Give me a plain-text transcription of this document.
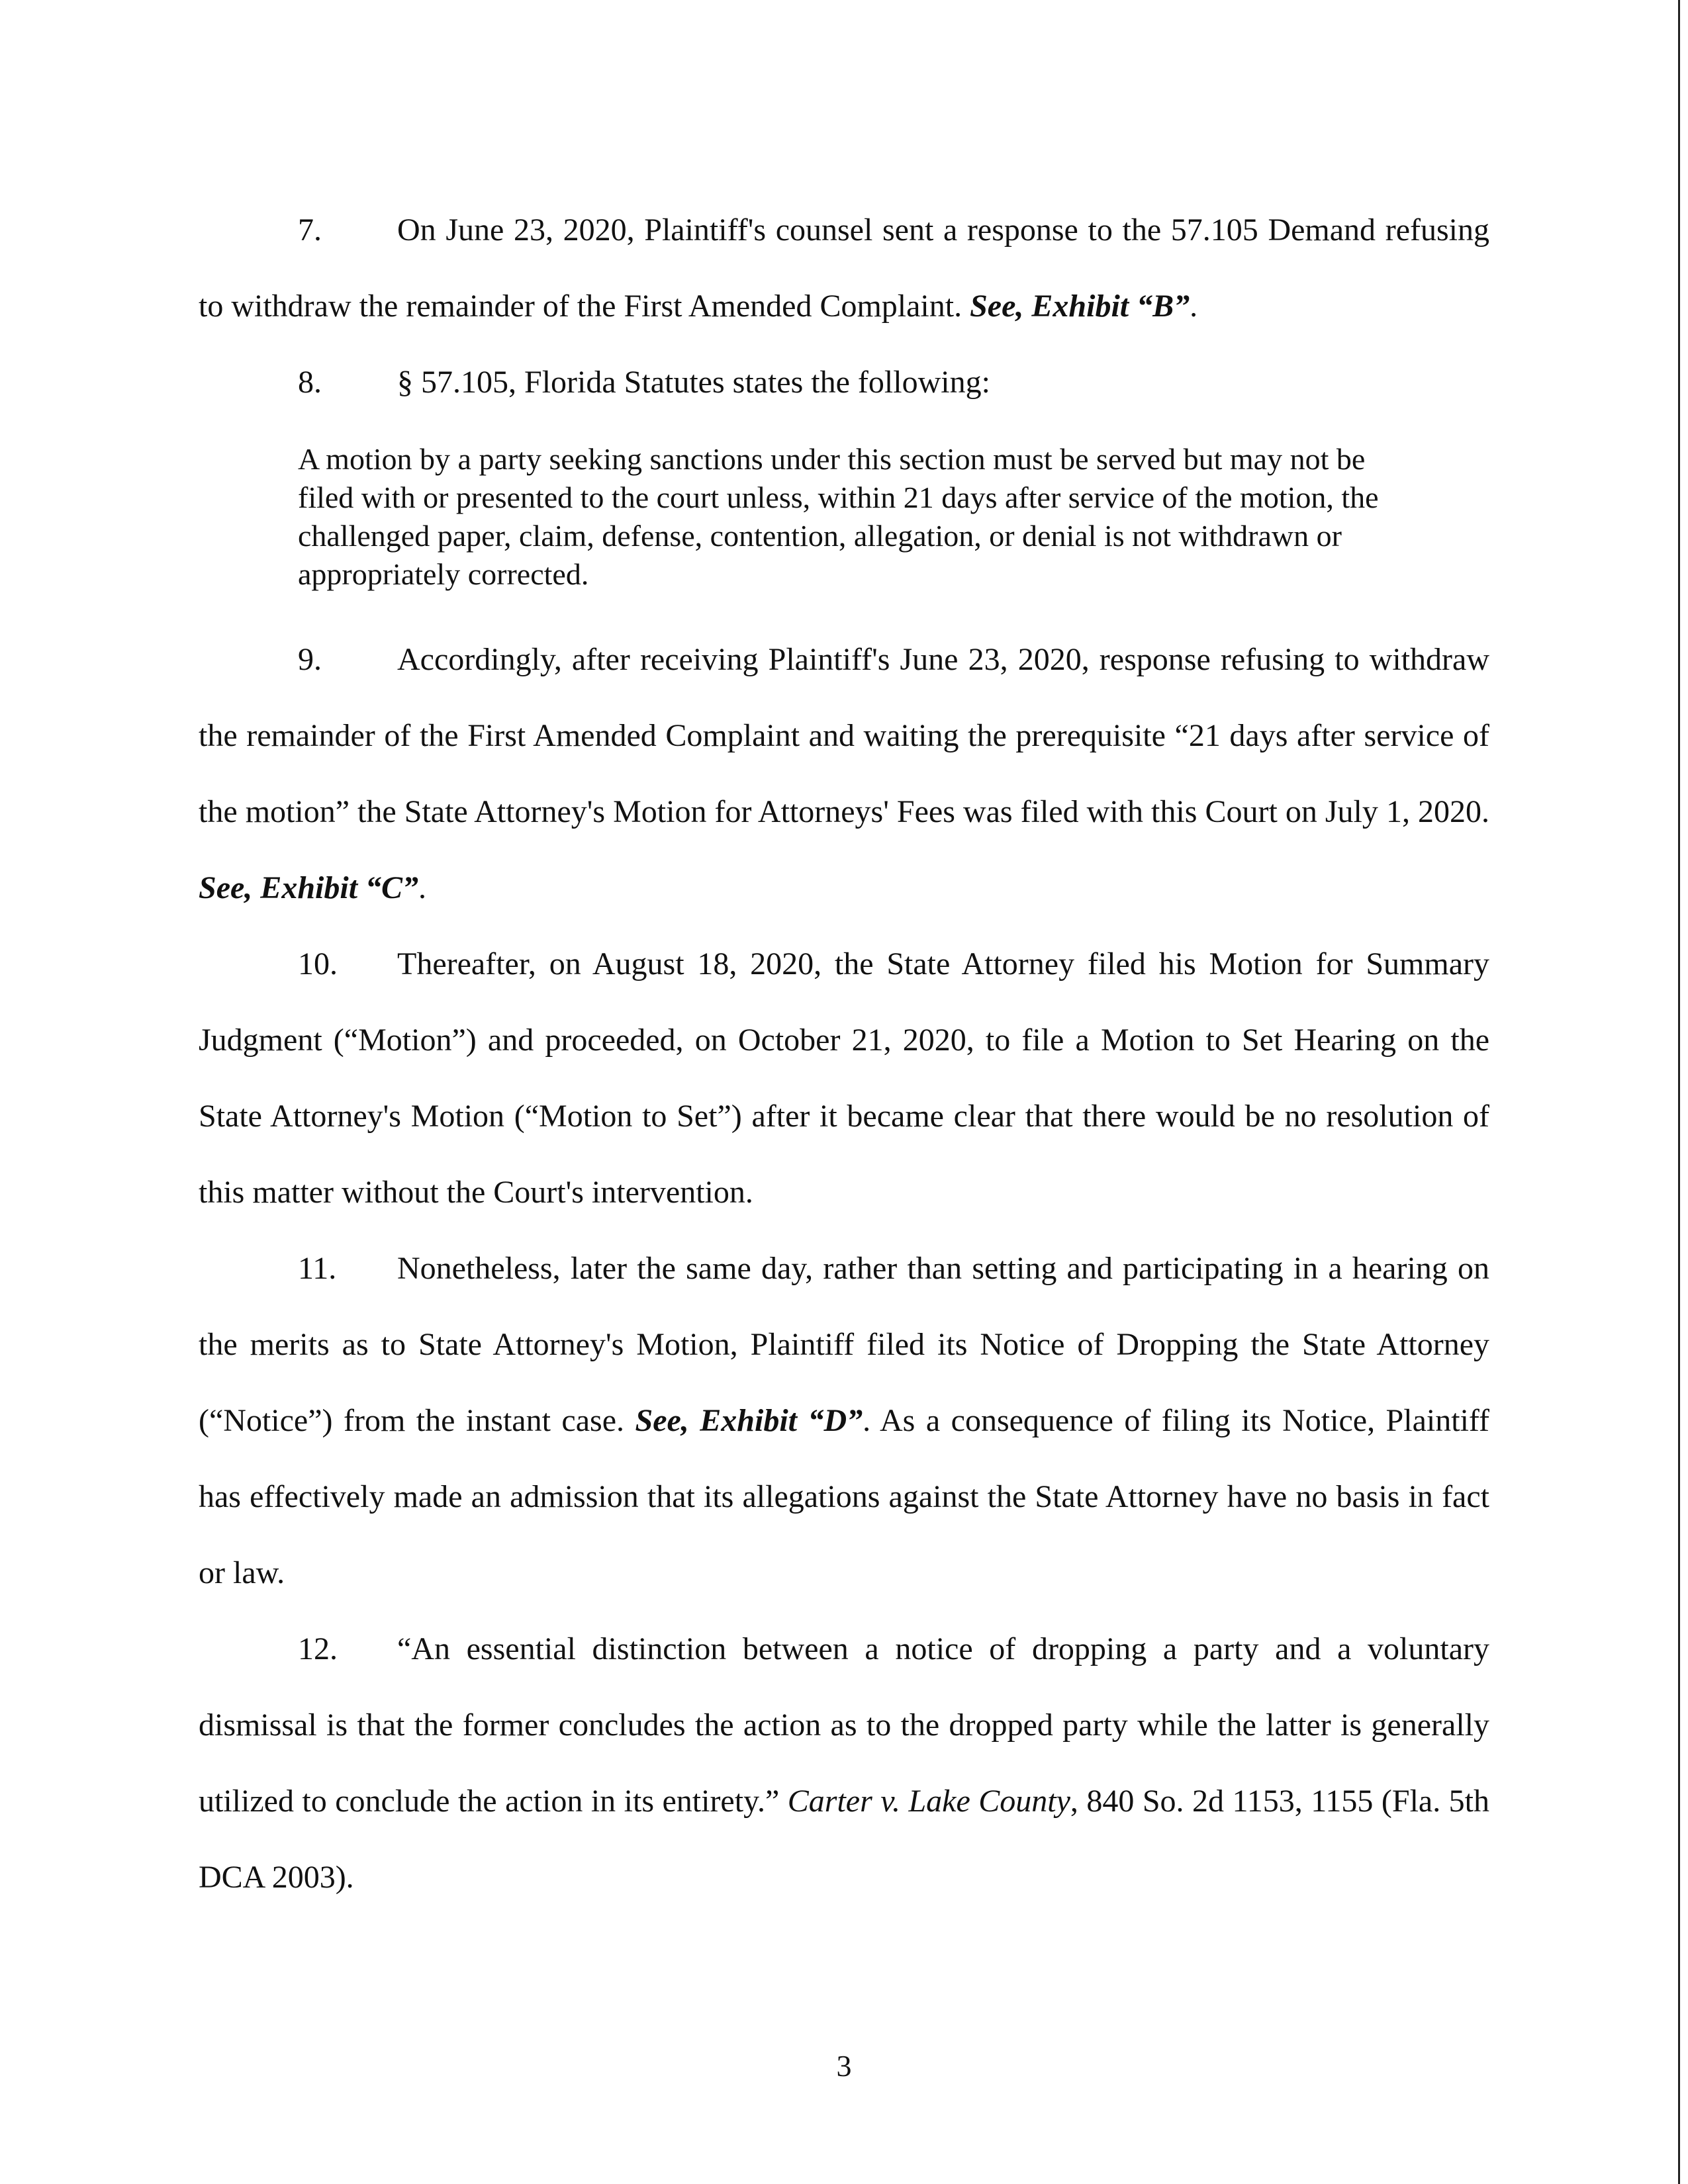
7. On June 23, 2020, Plaintiff's counsel sent a response to the 57.105 Demand refusing to withdraw the remainder of the First Amended Complaint. See, Exhibit “B”.

8. § 57.105, Florida Statutes states the following:

A motion by a party seeking sanctions under this section must be served but may not be filed with or presented to the court unless, within 21 days after service of the motion, the challenged paper, claim, defense, contention, allegation, or denial is not withdrawn or appropriately corrected.

9. Accordingly, after receiving Plaintiff's June 23, 2020, response refusing to withdraw the remainder of the First Amended Complaint and waiting the prerequisite “21 days after service of the motion” the State Attorney's Motion for Attorneys' Fees was filed with this Court on July 1, 2020. See, Exhibit “C”.

10. Thereafter, on August 18, 2020, the State Attorney filed his Motion for Summary Judgment (“Motion”) and proceeded, on October 21, 2020, to file a Motion to Set Hearing on the State Attorney's Motion (“Motion to Set”) after it became clear that there would be no resolution of this matter without the Court's intervention.

11. Nonetheless, later the same day, rather than setting and participating in a hearing on the merits as to State Attorney's Motion, Plaintiff filed its Notice of Dropping the State Attorney (“Notice”) from the instant case. See, Exhibit “D”. As a consequence of filing its Notice, Plaintiff has effectively made an admission that its allegations against the State Attorney have no basis in fact or law.

12. “An essential distinction between a notice of dropping a party and a voluntary dismissal is that the former concludes the action as to the dropped party while the latter is generally utilized to conclude the action in its entirety.” Carter v. Lake County, 840 So. 2d 1153, 1155 (Fla. 5th DCA 2003).

3
